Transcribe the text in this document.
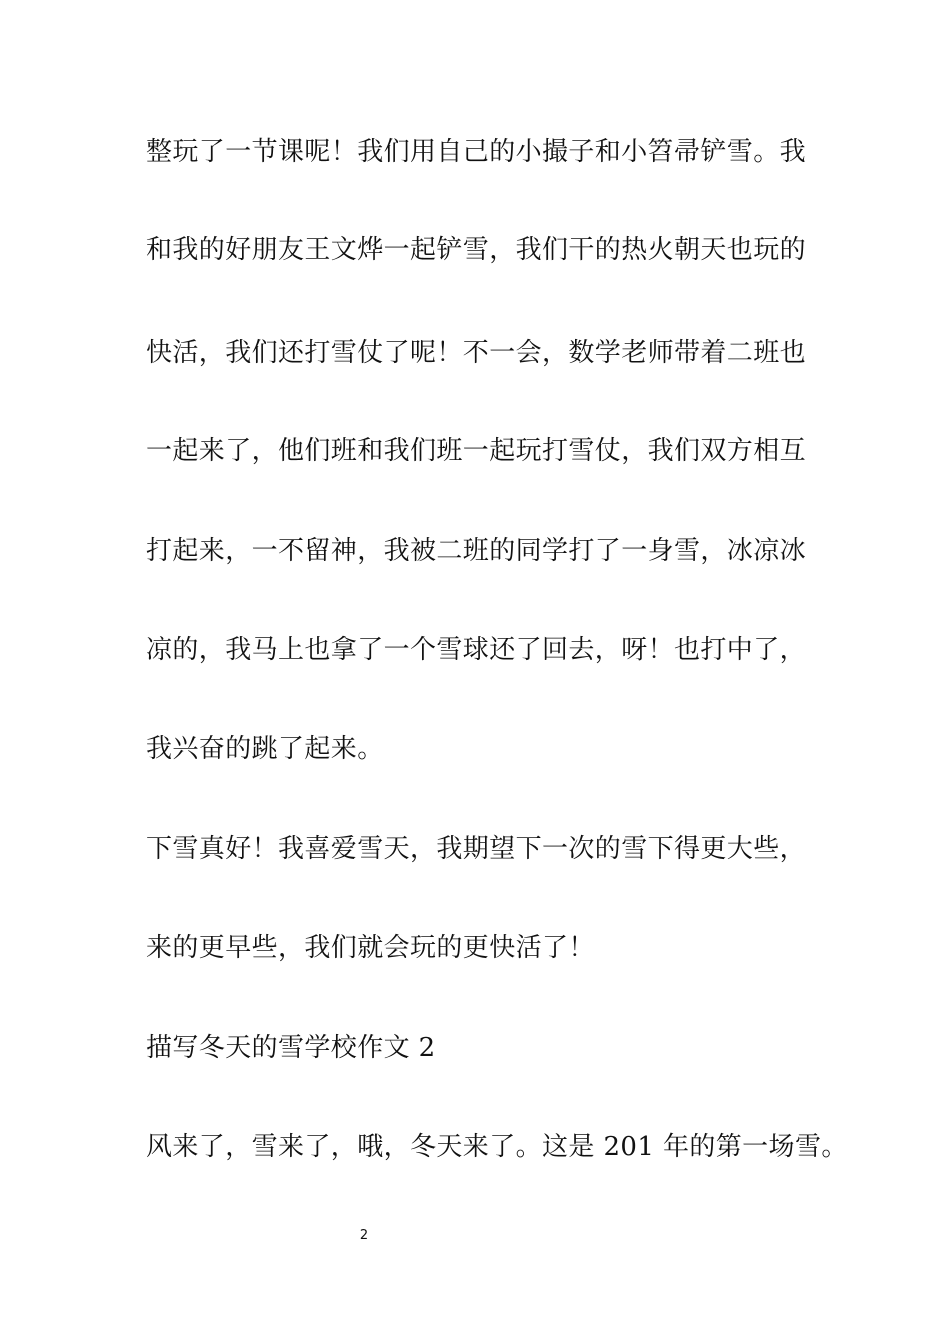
整玩了一节课呢！我们用自己的小撮子和小笤帚铲雪。我
和我的好朋友王文烨一起铲雪，我们干的热火朝天也玩的
快活，我们还打雪仗了呢！不一会，数学老师带着二班也
一起来了，他们班和我们班一起玩打雪仗，我们双方相互
打起来，一不留神，我被二班的同学打了一身雪，冰凉冰
凉的，我马上也拿了一个雪球还了回去，呀！也打中了，
我兴奋的跳了起来。
下雪真好！我喜爱雪天，我期望下一次的雪下得更大些，
来的更早些，我们就会玩的更快活了！
描写冬天的雪学校作文 2
风来了，雪来了，哦，冬天来了。这是 201 年的第一场雪。
2
